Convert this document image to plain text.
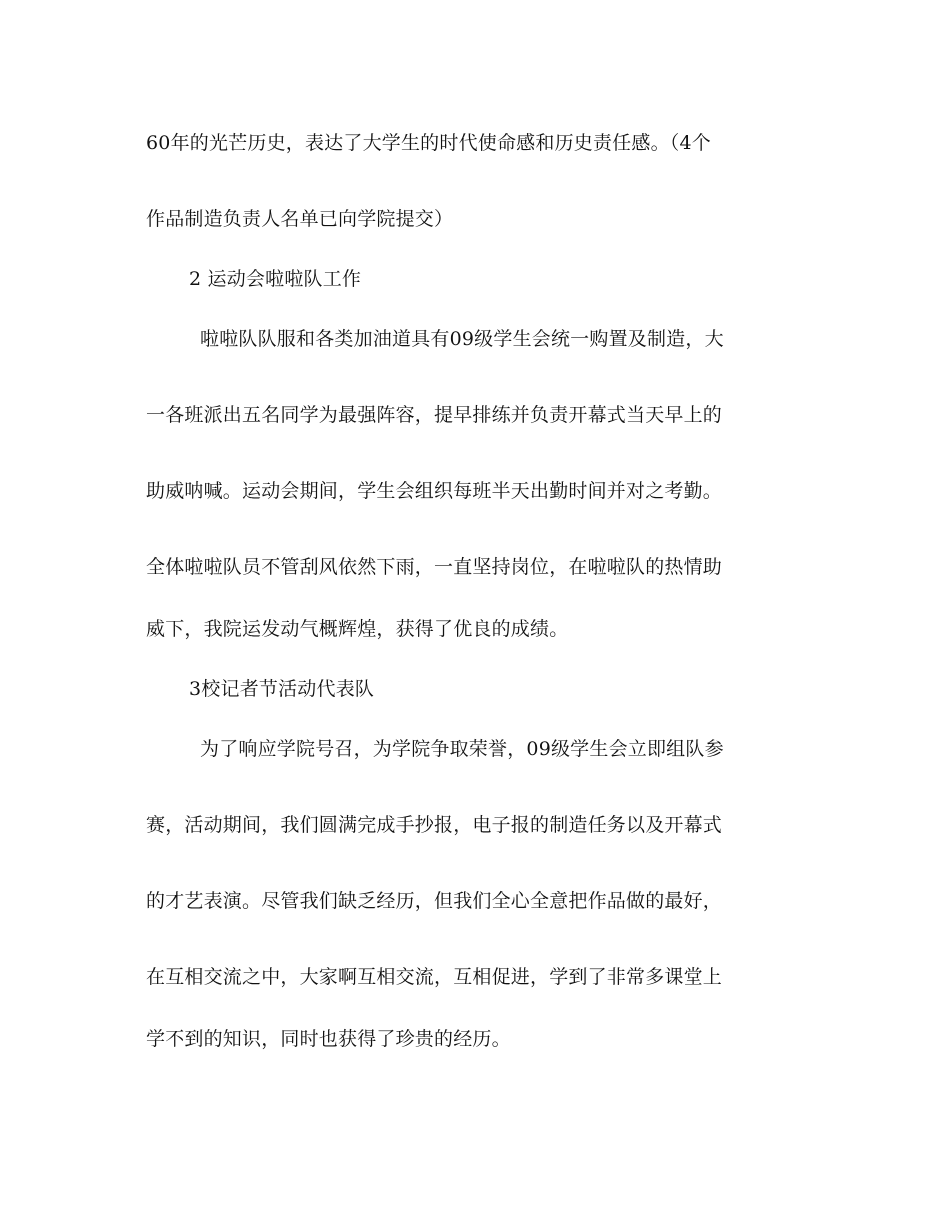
60年的光芒历史，表达了大学生的时代使命感和历史责任感。（4个
作品制造负责人名单已向学院提交）
2 运动会啦啦队工作
啦啦队队服和各类加油道具有09级学生会统一购置及制造，大
一各班派出五名同学为最强阵容，提早排练并负责开幕式当天早上的
助威呐喊。运动会期间，学生会组织每班半天出勤时间并对之考勤。
全体啦啦队员不管刮风依然下雨，一直坚持岗位，在啦啦队的热情助
威下，我院运发动气概辉煌，获得了优良的成绩。
3校记者节活动代表队
为了响应学院号召，为学院争取荣誉，09级学生会立即组队参
赛，活动期间，我们圆满完成手抄报，电子报的制造任务以及开幕式
的才艺表演。尽管我们缺乏经历，但我们全心全意把作品做的最好，
在互相交流之中，大家啊互相交流，互相促进，学到了非常多课堂上
学不到的知识，同时也获得了珍贵的经历。
